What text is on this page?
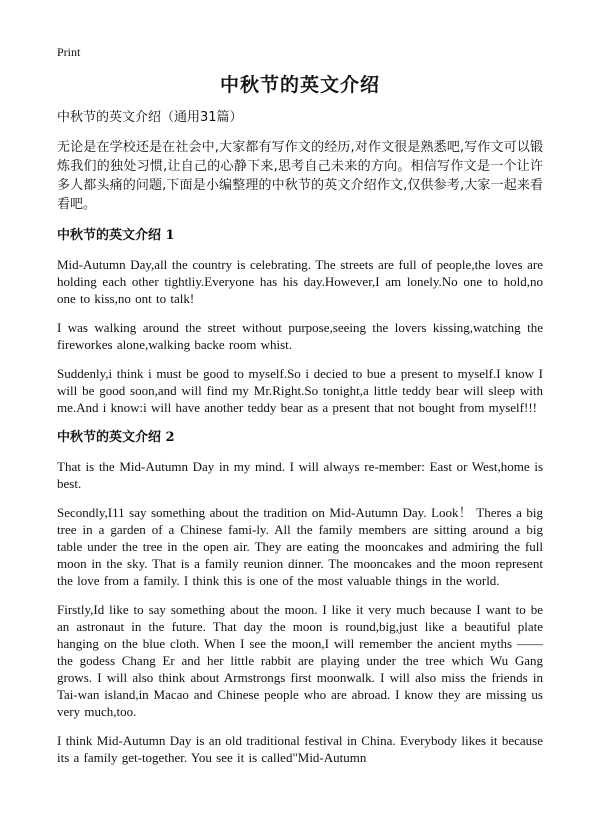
Print
中秋节的英文介绍
中秋节的英文介绍（通用31篇）

无论是在学校还是在社会中,大家都有写作文的经历,对作文很是熟悉吧,写作文可以锻炼我们的独处习惯,让自己的心静下来,思考自己未来的方向。相信写作文是一个让许多人都头痛的问题,下面是小编整理的中秋节的英文介绍作文,仅供参考,大家一起来看看吧。

中秋节的英文介绍 1

Mid-Autumn Day,all the country is celebrating. The streets are full of people,the loves are holding each other tightliy.Everyone has his day.However,I am lonely.No one to hold,no one to kiss,no ont to talk!

I was walking around the street without purpose,seeing the lovers kissing,watching the fireworkes alone,walking backe room whist.

Suddenly,i think i must be good to myself.So i decied to bue a present to myself.I know I will be good soon,and will find my Mr.Right.So tonight,a little teddy bear will sleep with me.And i know:i will have another teddy bear as a present that not bought from myself!!!

中秋节的英文介绍 2

That is the Mid-Autumn Day in my mind. I will always re-member: East or West,home is best.

Secondly,I11 say something about the tradition on Mid-Autumn Day. Look！ Theres a big tree in a garden of a Chinese fami-ly. All the family members are sitting around a big table under the tree in the open air. They are eating the mooncakes and admiring the full moon in the sky. That is a family reunion dinner. The mooncakes and the moon represent the love from a family. I think this is one of the most valuable things in the world.

Firstly,Id like to say something about the moon. I like it very much because I want to be an astronaut in the future. That day the moon is round,big,just like a beautiful plate hanging on the blue cloth. When I see the moon,I will remember the ancient myths —— the godess Chang Er and her little rabbit are playing under the tree which Wu Gang grows. I will also think about Armstrongs first moonwalk. I will also miss the friends in Tai-wan island,in Macao and Chinese people who are abroad. I know they are missing us very much,too.

I think Mid-Autumn Day is an old traditional festival in China. Everybody likes it because its a family get-together. You see it is called"Mid-Autumn
